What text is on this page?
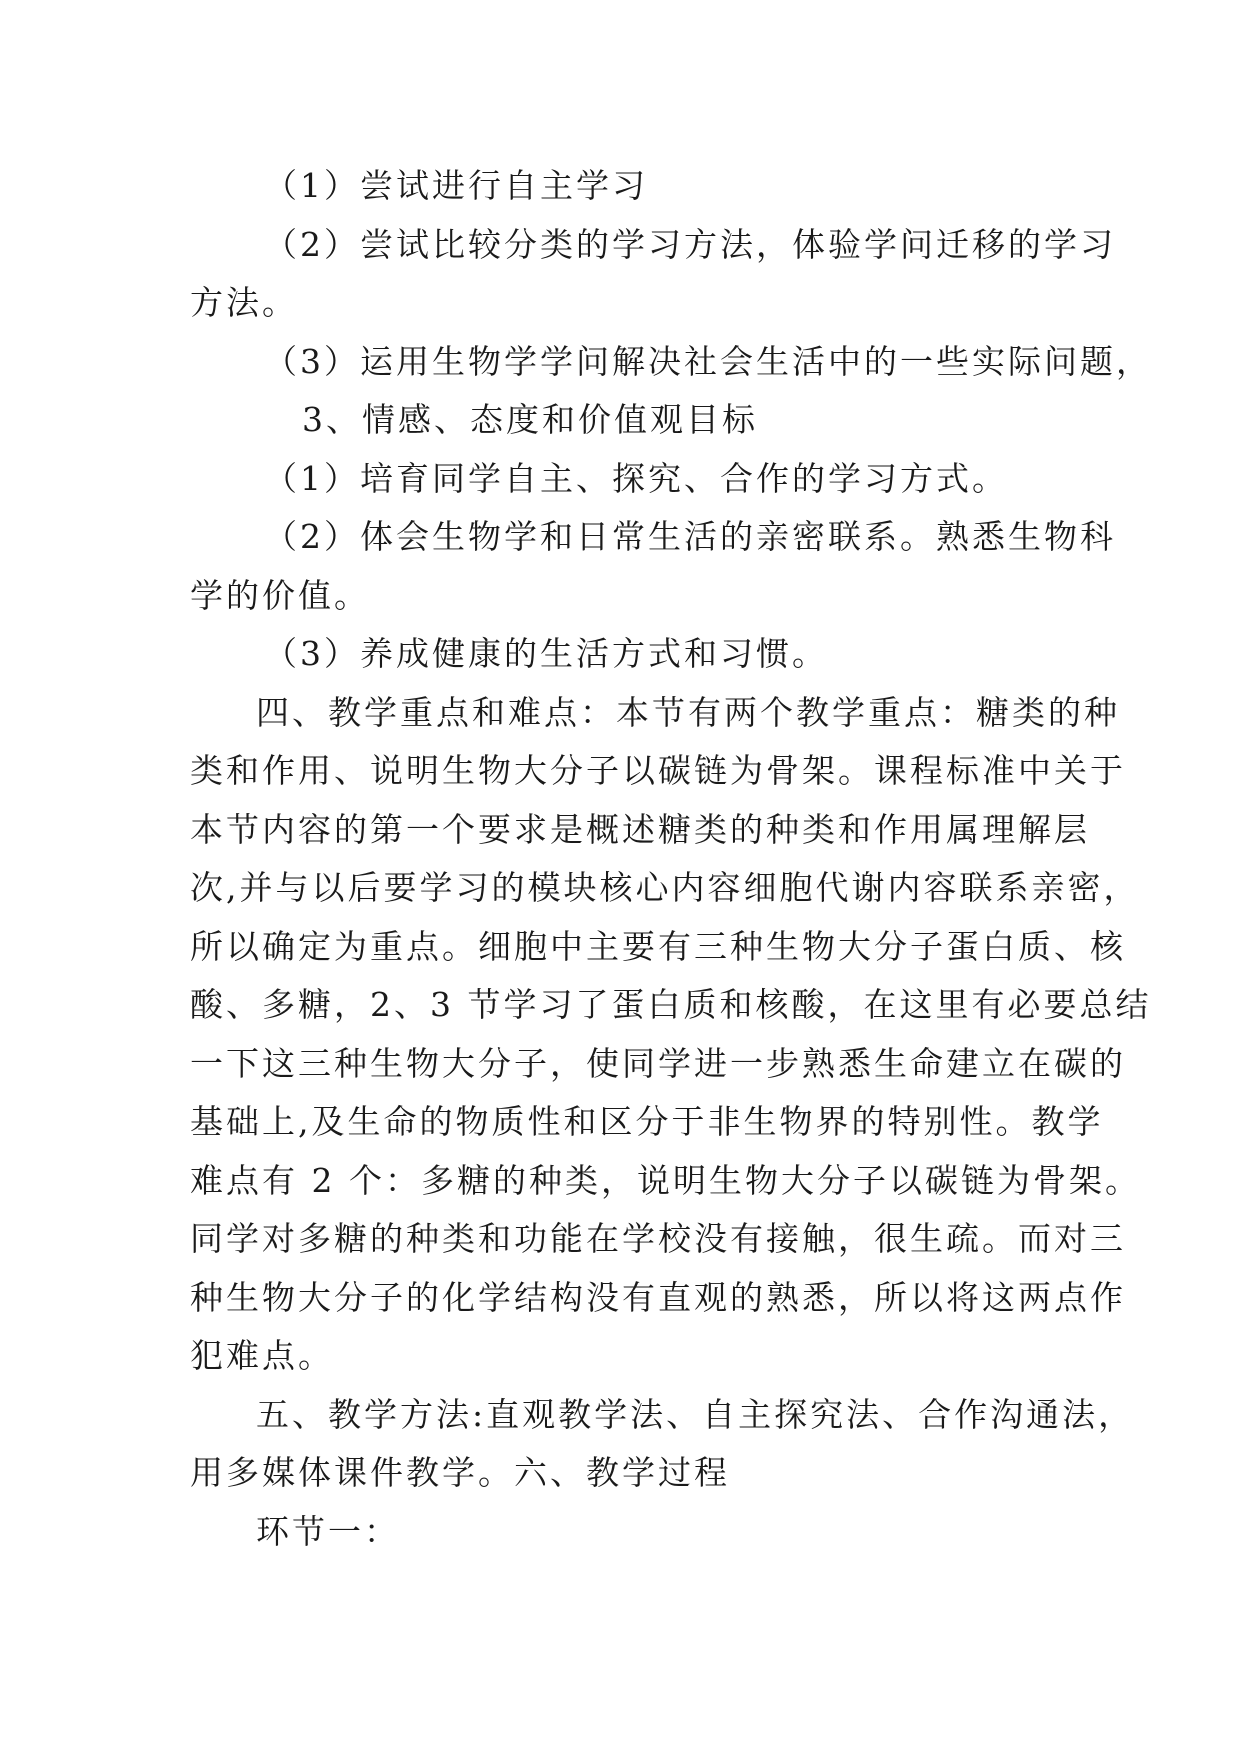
（1）尝试进行自主学习
（2）尝试比较分类的学习方法，体验学问迁移的学习
方法。
（3）运用生物学学问解决社会生活中的一些实际问题，
3、情感、态度和价值观目标
（1）培育同学自主、探究、合作的学习方式。
（2）体会生物学和日常生活的亲密联系。熟悉生物科
学的价值。
（3）养成健康的生活方式和习惯。
四、教学重点和难点：本节有两个教学重点：糖类的种
类和作用、说明生物大分子以碳链为骨架。课程标准中关于
本节内容的第一个要求是概述糖类的种类和作用属理解层
次,并与以后要学习的模块核心内容细胞代谢内容联系亲密，
所以确定为重点。细胞中主要有三种生物大分子蛋白质、核
酸、多糖，2、3 节学习了蛋白质和核酸，在这里有必要总结
一下这三种生物大分子，使同学进一步熟悉生命建立在碳的
基础上,及生命的物质性和区分于非生物界的特别性。教学
难点有 2 个：多糖的种类，说明生物大分子以碳链为骨架。
同学对多糖的种类和功能在学校没有接触，很生疏。而对三
种生物大分子的化学结构没有直观的熟悉，所以将这两点作
犯难点。
五、教学方法:直观教学法、自主探究法、合作沟通法，
用多媒体课件教学。六、教学过程
环节一：
